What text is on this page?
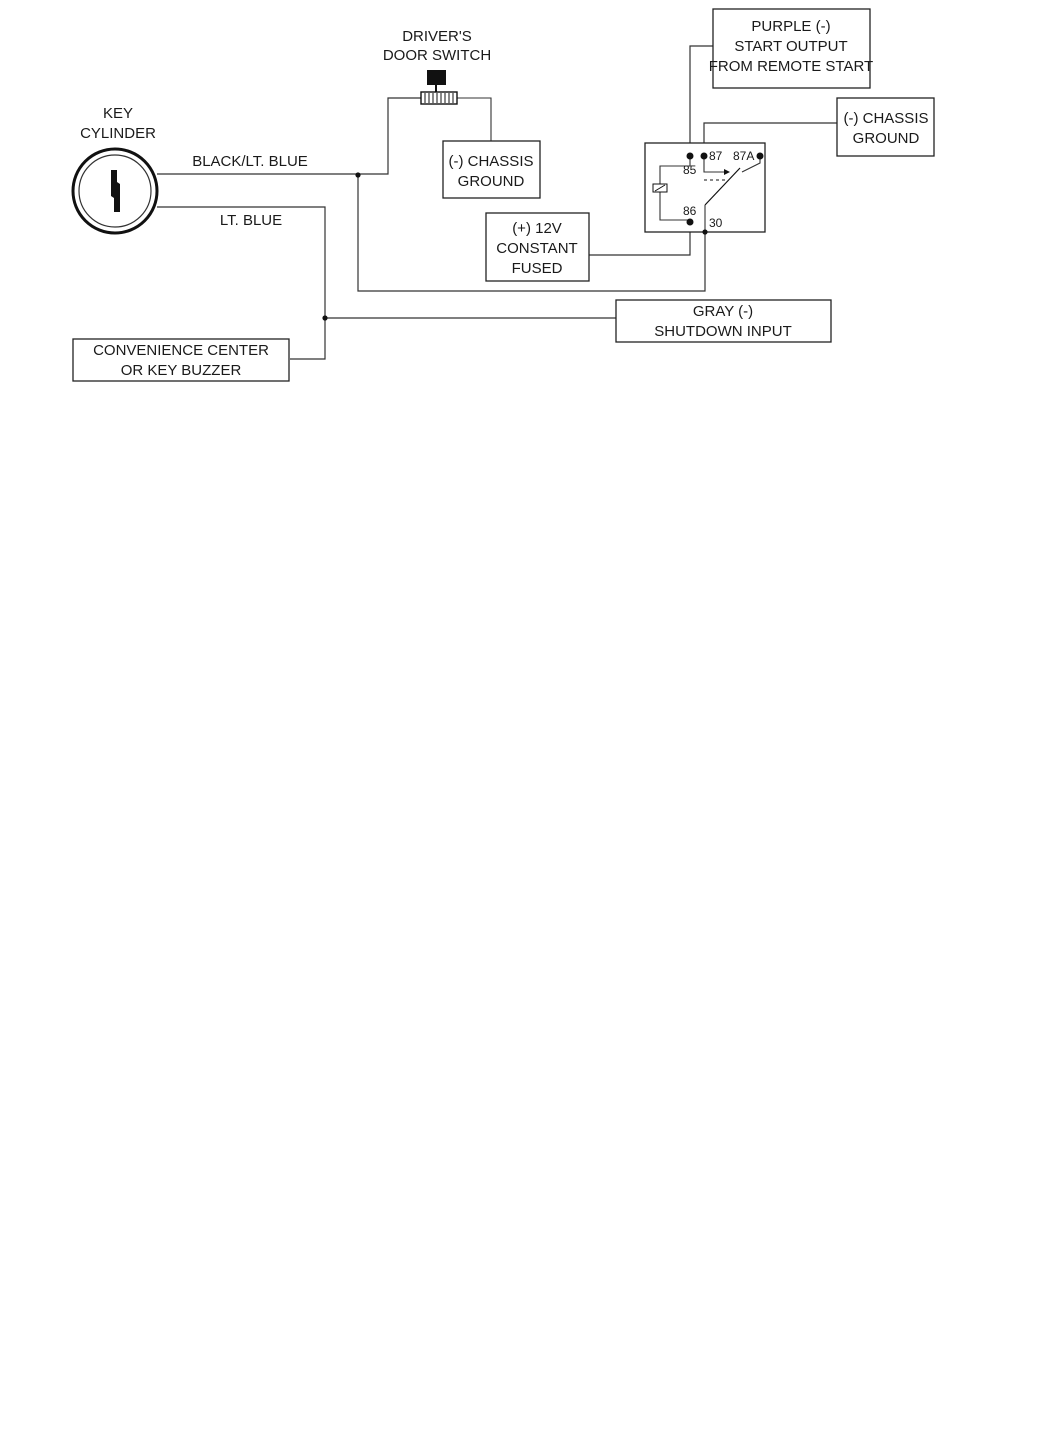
KEY
CYLINDER
BLACK/LT. BLUE
LT. BLUE
DRIVER'S
DOOR SWITCH
(-) CHASSIS
GROUND
PURPLE (-)
START OUTPUT
FROM REMOTE START
(-) CHASSIS
GROUND
(+) 12V
CONSTANT
FUSED
GRAY (-)
SHUTDOWN INPUT
CONVENIENCE CENTER
OR KEY BUZZER
85
87 87A
86
30
